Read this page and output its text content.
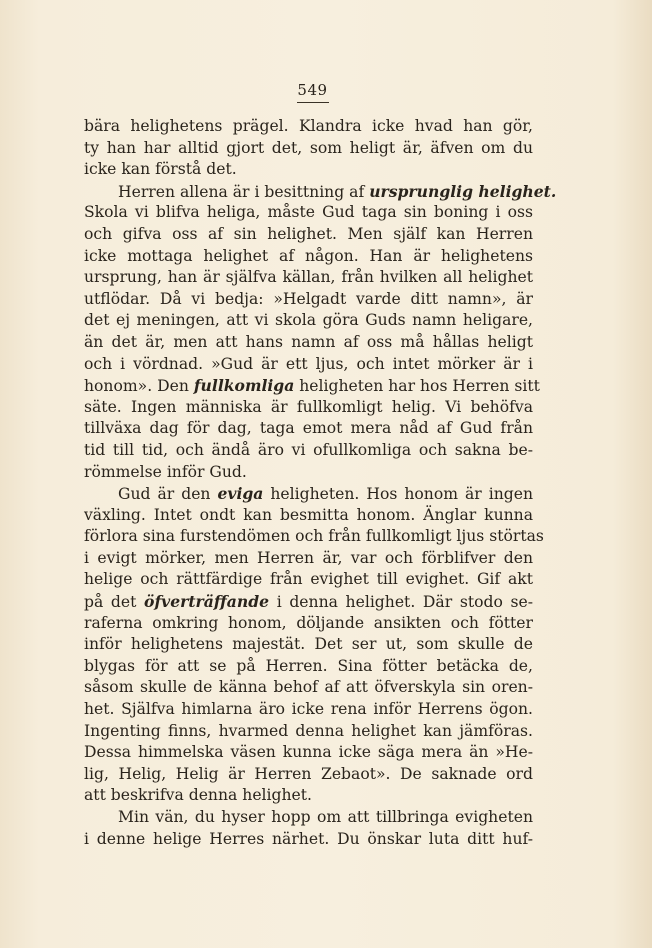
549
bära helighetens prägel. Klandra icke hvad han gör,
ty han har alltid gjort det, som heligt är, äfven om du
icke kan förstå det.
Herren allena är i besittning af ursprunglig helighet.
Skola vi blifva heliga, måste Gud taga sin boning i oss
och gifva oss af sin helighet. Men själf kan Herren
icke mottaga helighet af någon. Han är helighetens
ursprung, han är själfva källan, från hvilken all helighet
utflödar. Då vi bedja: »Helgadt varde ditt namn», är
det ej meningen, att vi skola göra Guds namn heligare,
än det är, men att hans namn af oss må hållas heligt
och i vördnad. »Gud är ett ljus, och intet mörker är i
honom». Den fullkomliga heligheten har hos Herren sitt
säte. Ingen människa är fullkomligt helig. Vi behöfva
tillväxa dag för dag, taga emot mera nåd af Gud från
tid till tid, och ändå äro vi ofullkomliga och sakna be-
römmelse inför Gud.
Gud är den eviga heligheten. Hos honom är ingen
växling. Intet ondt kan besmitta honom. Änglar kunna
förlora sina furstendömen och från fullkomligt ljus störtas
i evigt mörker, men Herren är, var och förblifver den
helige och rättfärdige från evighet till evighet. Gif akt
på det öfverträffande i denna helighet. Där stodo se-
raferna omkring honom, döljande ansikten och fötter
inför helighetens majestät. Det ser ut, som skulle de
blygas för att se på Herren. Sina fötter betäcka de,
såsom skulle de känna behof af att öfverskyla sin oren-
het. Själfva himlarna äro icke rena inför Herrens ögon.
Ingenting finns, hvarmed denna helighet kan jämföras.
Dessa himmelska väsen kunna icke säga mera än »He-
lig, Helig, Helig är Herren Zebaot». De saknade ord
att beskrifva denna helighet.
Min vän, du hyser hopp om att tillbringa evigheten
i denne helige Herres närhet. Du önskar luta ditt huf-
